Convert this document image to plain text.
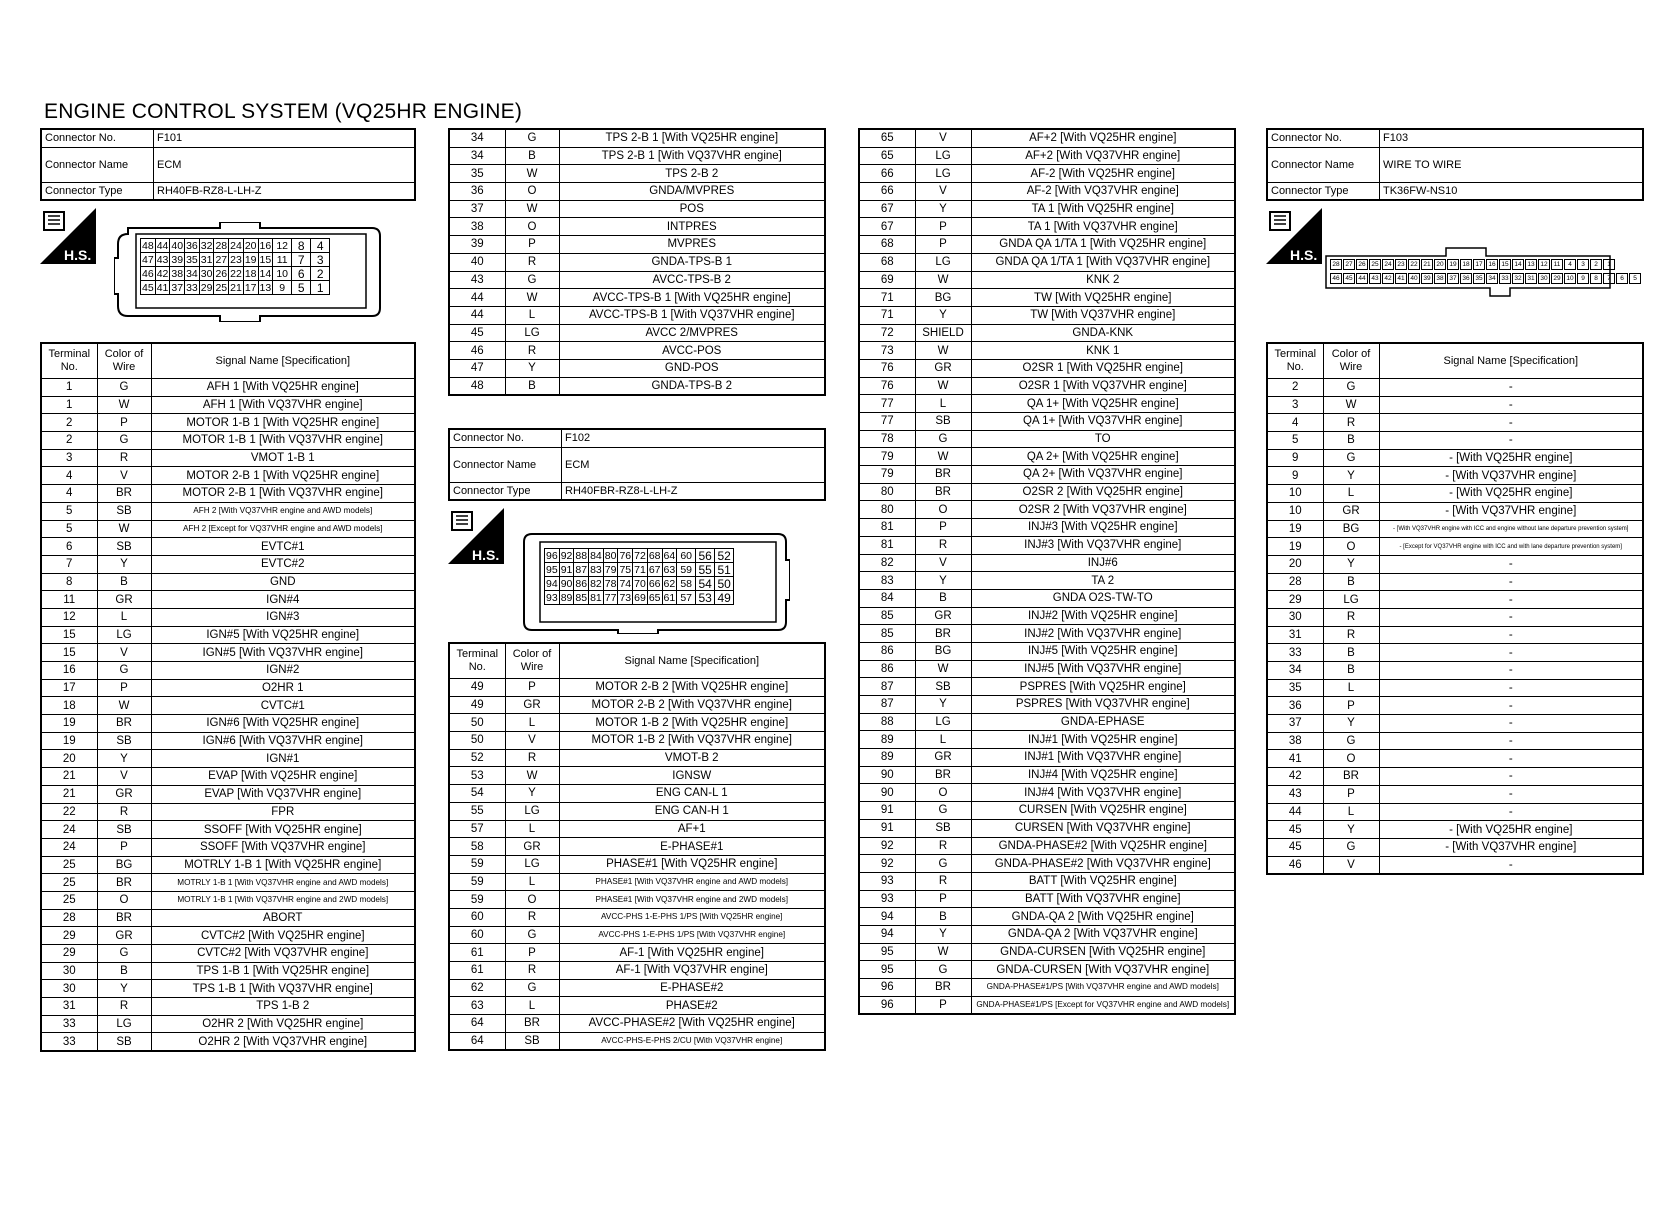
ENGINE CONTROL SYSTEM (VQ25HR ENGINE)
Connector No.	F101
Connector Name	ECM
Connector Type	RH40FB-RZ8-L-LH-Z
H.S.
48	44	40	36	32	28	24	20	16	12	8	4
47	43	39	35	31	27	23	19	15	11	7	3
46	42	38	34	30	26	22	18	14	10	6	2
45	41	37	33	29	25	21	17	13	9	5	1
Terminal No.	Color of Wire	Signal Name [Specification]
1	G	AFH 1 [With VQ25HR engine]
1	W	AFH 1 [With VQ37VHR engine]
2	P	MOTOR 1-B 1 [With VQ25HR engine]
2	G	MOTOR 1-B 1 [With VQ37VHR engine]
3	R	VMOT 1-B 1
4	V	MOTOR 2-B 1 [With VQ25HR engine]
4	BR	MOTOR 2-B 1 [With VQ37VHR engine]
5	SB	AFH 2 [With VQ37VHR engine and AWD models]
5	W	AFH 2 [Except for VQ37VHR engine and AWD models]
6	SB	EVTC#1
7	Y	EVTC#2
8	B	GND
11	GR	IGN#4
12	L	IGN#3
15	LG	IGN#5 [With VQ25HR engine]
15	V	IGN#5 [With VQ37VHR engine]
16	G	IGN#2
17	P	O2HR 1
18	W	CVTC#1
19	BR	IGN#6 [With VQ25HR engine]
19	SB	IGN#6 [With VQ37VHR engine]
20	Y	IGN#1
21	V	EVAP [With VQ25HR engine]
21	GR	EVAP [With VQ37VHR engine]
22	R	FPR
24	SB	SSOFF [With VQ25HR engine]
24	P	SSOFF [With VQ37VHR engine]
25	BG	MOTRLY 1-B 1 [With VQ25HR engine]
25	BR	MOTRLY 1-B 1 [With VQ37VHR engine and AWD models]
25	O	MOTRLY 1-B 1 [With VQ37VHR engine and 2WD models]
28	BR	ABORT
29	GR	CVTC#2 [With VQ25HR engine]
29	G	CVTC#2 [With VQ37VHR engine]
30	B	TPS 1-B 1 [With VQ25HR engine]
30	Y	TPS 1-B 1 [With VQ37VHR engine]
31	R	TPS 1-B 2
33	LG	O2HR 2 [With VQ25HR engine]
33	SB	O2HR 2 [With VQ37VHR engine]
34	G	TPS 2-B 1 [With VQ25HR engine]
34	B	TPS 2-B 1 [With VQ37VHR engine]
35	W	TPS 2-B 2
36	O	GNDA/MVPRES
37	W	POS
38	O	INTPRES
39	P	MVPRES
40	R	GNDA-TPS-B 1
43	G	AVCC-TPS-B 2
44	W	AVCC-TPS-B 1 [With VQ25HR engine]
44	L	AVCC-TPS-B 1 [With VQ37VHR engine]
45	LG	AVCC 2/MVPRES
46	R	AVCC-POS
47	Y	GND-POS
48	B	GNDA-TPS-B 2
Connector No.	F102
Connector Name	ECM
Connector Type	RH40FBR-RZ8-L-LH-Z
H.S.	96	92	88	84	80	76	72	68	64	60	56	52
95	91	87	83	79	75	71	67	63	59	55	51
94	90	86	82	78	74	70	66	62	58	54	50
93	89	85	81	77	73	69	65	61	57	53	49
Terminal No.	Color of Wire	Signal Name [Specification]
49	P	MOTOR 2-B 2 [With VQ25HR engine]
49	GR	MOTOR 2-B 2 [With VQ37VHR engine]
50	L	MOTOR 1-B 2 [With VQ25HR engine]
50	V	MOTOR 1-B 2 [With VQ37VHR engine]
52	R	VMOT-B 2
53	W	IGNSW
54	Y	ENG CAN-L 1
55	LG	ENG CAN-H 1
57	L	AF+1
58	GR	E-PHASE#1
59	LG	PHASE#1 [With VQ25HR engine]
59	L	PHASE#1 [With VQ37VHR engine and AWD models]
59	O	PHASE#1 [With VQ37VHR engine and 2WD models]
60	R	AVCC-PHS 1-E-PHS 1/PS [With VQ25HR engine]
60	G	AVCC-PHS 1-E-PHS 1/PS [With VQ37VHR engine]
61	P	AF-1 [With VQ25HR engine]
61	R	AF-1 [With VQ37VHR engine]
62	G	E-PHASE#2
63	L	PHASE#2
64	BR	AVCC-PHASE#2 [With VQ25HR engine]
64	SB	AVCC-PHS-E-PHS 2/CU [With VQ37VHR engine]
65	V	AF+2 [With VQ25HR engine]
65	LG	AF+2 [With VQ37VHR engine]
66	LG	AF-2 [With VQ25HR engine]
66	V	AF-2 [With VQ37VHR engine]
67	Y	TA 1 [With VQ25HR engine]
67	P	TA 1 [With VQ37VHR engine]
68	P	GNDA QA 1/TA 1 [With VQ25HR engine]
68	LG	GNDA QA 1/TA 1 [With VQ37VHR engine]
69	W	KNK 2
71	BG	TW [With VQ25HR engine]
71	Y	TW [With VQ37VHR engine]
72	SHIELD	GNDA-KNK
73	W	KNK 1
76	GR	O2SR 1 [With VQ25HR engine]
76	W	O2SR 1 [With VQ37VHR engine]
77	L	QA 1+ [With VQ25HR engine]
77	SB	QA 1+ [With VQ37VHR engine]
78	G	TO
79	W	QA 2+ [With VQ25HR engine]
79	BR	QA 2+ [With VQ37VHR engine]
80	BR	O2SR 2 [With VQ25HR engine]
80	O	O2SR 2 [With VQ37VHR engine]
81	P	INJ#3 [With VQ25HR engine]
81	R	INJ#3 [With VQ37VHR engine]
82	V	INJ#6
83	Y	TA 2
84	B	GNDA O2S-TW-TO
85	GR	INJ#2 [With VQ25HR engine]
85	BR	INJ#2 [With VQ37VHR engine]
86	BG	INJ#5 [With VQ25HR engine]
86	W	INJ#5 [With VQ37VHR engine]
87	SB	PSPRES [With VQ25HR engine]
87	Y	PSPRES [With VQ37VHR engine]
88	LG	GNDA-EPHASE
89	L	INJ#1 [With VQ25HR engine]
89	GR	INJ#1 [With VQ37VHR engine]
90	BR	INJ#4 [With VQ25HR engine]
90	O	INJ#4 [With VQ37VHR engine]
91	G	CURSEN [With VQ25HR engine]
91	SB	CURSEN [With VQ37VHR engine]
92	R	GNDA-PHASE#2 [With VQ25HR engine]
92	G	GNDA-PHASE#2 [With VQ37VHR engine]
93	R	BATT [With VQ25HR engine]
93	P	BATT [With VQ37VHR engine]
94	B	GNDA-QA 2 [With VQ25HR engine]
94	Y	GNDA-QA 2 [With VQ37VHR engine]
95	W	GNDA-CURSEN [With VQ25HR engine]
95	G	GNDA-CURSEN [With VQ37VHR engine]
96	BR	GNDA-PHASE#1/PS [With VQ37VHR engine and AWD models]
96	P	GNDA-PHASE#1/PS [Except for VQ37VHR engine and AWD models]
Connector No.	F103
Connector Name	WIRE TO WIRE
Connector Type	TK36FW-NS10
H.S.
28 27 26 25 24 23 22 21 20 19 18 17 16 15 14 13 12 11	4	3	2	1
46 45 44 43 42 41 40 39 38 37 36 35 34 33 32 31 30 29 10	9	8	7	6	5
Terminal No.	Color of Wire	Signal Name [Specification]
2	G	-
3	W	-
4	R	-
5	B	-
9	G	- [With VQ25HR engine]
9	Y	- [With VQ37VHR engine]
10	L	- [With VQ25HR engine]
10	GR	- [With VQ37VHR engine]
19	BG	- [With VQ37VHR engine with ICC and engine without lane departure prevention system]
19	O	- [Except for VQ37VHR engine with ICC and with lane departure prevention system]
20	Y	-
28	B	-
29	LG	-
30	R	-
31	R	-
33	B	-
34	B	-
35	L	-
36	P	-
37	Y	-
38	G	-
41	O	-
42	BR	-
43	P	-
44	L	-
45	Y	- [With VQ25HR engine]
45	G	- [With VQ37VHR engine]
46	V	-
